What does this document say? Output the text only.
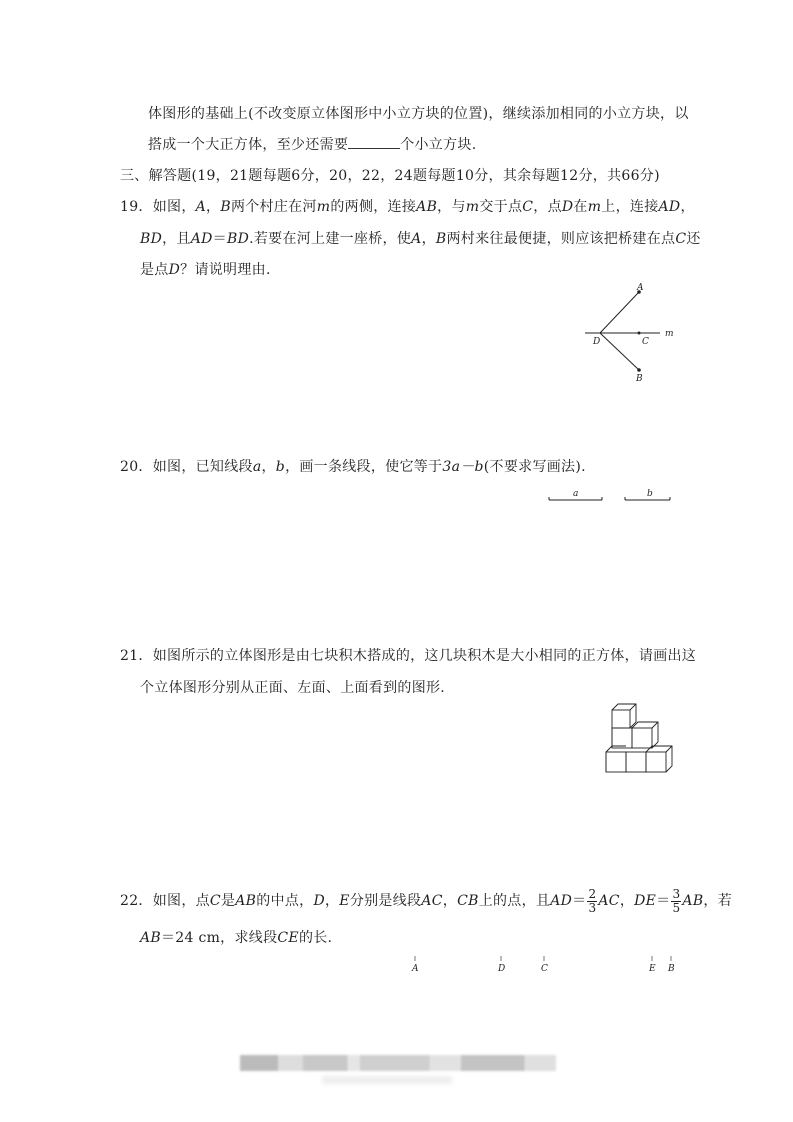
体图形的基础上(不改变原立体图形中小立方块的位置)，继续添加相同的小立方块，以
搭成一个大正方体，至少还需要	个小立方块.
三、解答题(19，21题每题6分，20，22，24题每题10分，其余每题12分，共66分)
19．如图，A，B两个村庄在河m的两侧，连接AB，与m交于点C，点D在m上，连接AD，
BD，且AD＝BD.若要在河上建一座桥，使A，B两村来往最便捷，则应该把桥建在点C还
是点D？请说明理由.
A
B
C
D
m
20．如图，已知线段a，b，画一条线段，使它等于3a－b(不要求写画法).
a	b
21．如图所示的立体图形是由七块积木搭成的，这几块积木是大小相同的正方体，请画出这
个立体图形分别从正面、左面、上面看到的图形.
22．如图，点C是AB的中点，D，E分别是线段AC，CB上的点，且$AD= \frac{2}{3}$ AC，$DE= \frac{3}{5}$ AB，若
AB＝24 cm，求线段CE的长.
A	D	C	E B
